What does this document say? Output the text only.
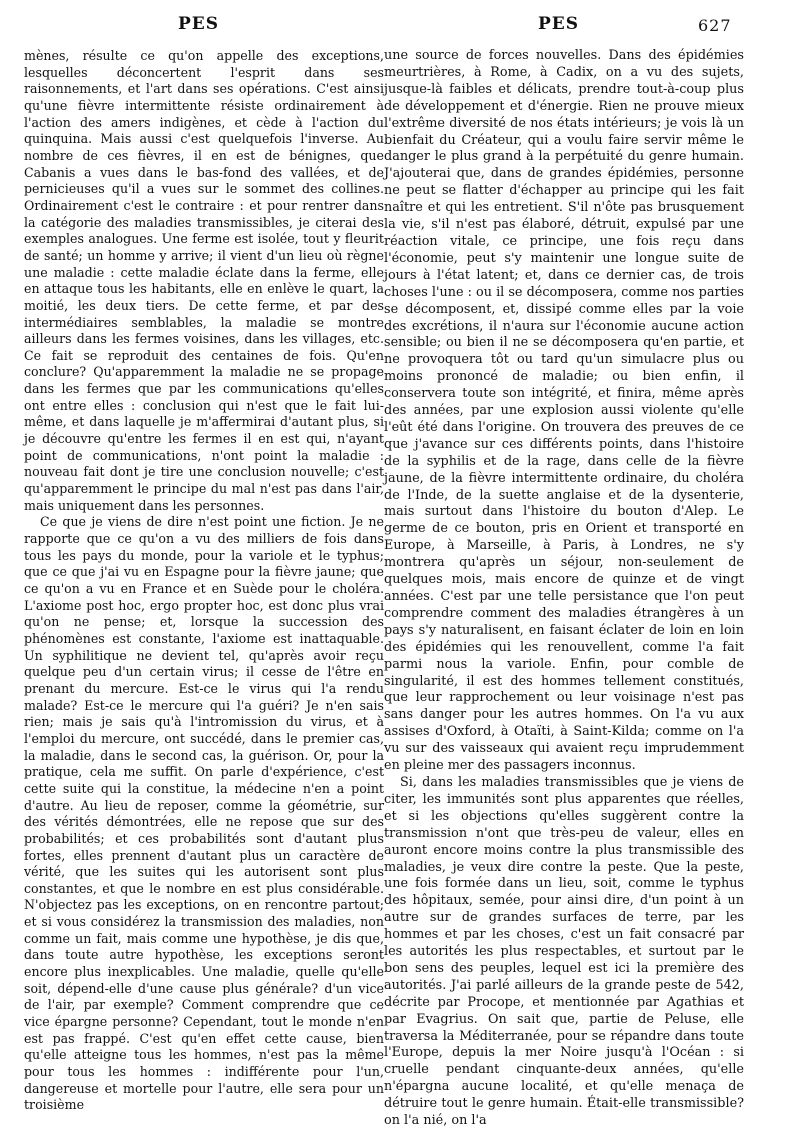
PES	PES	627

mènes, résulte ce qu'on appelle des exceptions, lesquelles déconcertent l'esprit dans ses raisonnements, et l'art dans ses opérations. C'est ainsi qu'une fièvre intermittente résiste ordinairement à l'action des amers indigènes, et cède à l'action du quinquina. Mais aussi c'est quelquefois l'inverse. Au nombre de ces fièvres, il en est de bénignes, que Cabanis a vues dans le bas-fond des vallées, et de pernicieuses qu'il a vues sur le sommet des collines. Ordinairement c'est le contraire : et pour rentrer dans la catégorie des maladies transmissibles, je citerai des exemples analogues. Une ferme est isolée, tout y fleurit de santé; un homme y arrive; il vient d'un lieu où règne une maladie : cette maladie éclate dans la ferme, elle en attaque tous les habitants, elle en enlève le quart, la moitié, les deux tiers. De cette ferme, et par des intermédiaires semblables, la maladie se montre ailleurs dans les fermes voisines, dans les villages, etc. Ce fait se reproduit des centaines de fois. Qu'en conclure? Qu'apparemment la maladie ne se propage dans les fermes que par les communications qu'elles ont entre elles : conclusion qui n'est que le fait lui-même, et dans laquelle je m'affermirai d'autant plus, si je découvre qu'entre les fermes il en est qui, n'ayant point de communications, n'ont point la maladie : nouveau fait dont je tire une conclusion nouvelle; c'est qu'apparemment le principe du mal n'est pas dans l'air, mais uniquement dans les personnes.

Ce que je viens de dire n'est point une fiction. Je ne rapporte que ce qu'on a vu des milliers de fois dans tous les pays du monde, pour la variole et le typhus; que ce que j'ai vu en Espagne pour la fièvre jaune; que ce qu'on a vu en France et en Suède pour le choléra. L'axiome post hoc, ergo propter hoc, est donc plus vrai qu'on ne pense; et, lorsque la succession des phénomènes est constante, l'axiome est inattaquable. Un syphilitique ne devient tel, qu'après avoir reçu quelque peu d'un certain virus; il cesse de l'être en prenant du mercure. Est-ce le virus qui l'a rendu malade? Est-ce le mercure qui l'a guéri? Je n'en sais rien; mais je sais qu'à l'intromission du virus, et à l'emploi du mercure, ont succédé, dans le premier cas, la maladie, dans le second cas, la guérison. Or, pour la pratique, cela me suffit. On parle d'expérience, c'est cette suite qui la constitue, la médecine n'en a point d'autre. Au lieu de reposer, comme la géométrie, sur des vérités démontrées, elle ne repose que sur des probabilités; et ces probabilités sont d'autant plus fortes, elles prennent d'autant plus un caractère de vérité, que les suites qui les autorisent sont plus constantes, et que le nombre en est plus considérable. N'objectez pas les exceptions, on en rencontre partout; et si vous considérez la transmission des maladies, non comme un fait, mais comme une hypothèse, je dis que, dans toute autre hypothèse, les exceptions seront encore plus inexplicables. Une maladie, quelle qu'elle soit, dépend-elle d'une cause plus générale? d'un vice de l'air, par exemple? Comment comprendre que ce vice épargne personne? Cependant, tout le monde n'en est pas frappé. C'est qu'en effet cette cause, bien qu'elle atteigne tous les hommes, n'est pas la même pour tous les hommes : indifférente pour l'un, dangereuse et mortelle pour l'autre, elle sera pour un troisième

une source de forces nouvelles. Dans des épidémies meurtrières, à Rome, à Cadix, on a vu des sujets, jusque-là faibles et délicats, prendre tout-à-coup plus de développement et d'énergie. Rien ne prouve mieux l'extrême diversité de nos états intérieurs; je vois là un bienfait du Créateur, qui a voulu faire servir même le danger le plus grand à la perpétuité du genre humain. J'ajouterai que, dans de grandes épidémies, personne ne peut se flatter d'échapper au principe qui les fait naître et qui les entretient. S'il n'ôte pas brusquement la vie, s'il n'est pas élaboré, détruit, expulsé par une réaction vitale, ce principe, une fois reçu dans l'économie, peut s'y maintenir une longue suite de jours à l'état latent; et, dans ce dernier cas, de trois choses l'une : ou il se décomposera, comme nos parties se décomposent, et, dissipé comme elles par la voie des excrétions, il n'aura sur l'économie aucune action sensible; ou bien il ne se décomposera qu'en partie, et ne provoquera tôt ou tard qu'un simulacre plus ou moins prononcé de maladie; ou bien enfin, il conservera toute son intégrité, et finira, même après des années, par une explosion aussi violente qu'elle l'eût été dans l'origine. On trouvera des preuves de ce que j'avance sur ces différents points, dans l'histoire de la syphilis et de la rage, dans celle de la fièvre jaune, de la fièvre intermittente ordinaire, du choléra de l'Inde, de la suette anglaise et de la dysenterie, mais surtout dans l'histoire du bouton d'Alep. Le germe de ce bouton, pris en Orient et transporté en Europe, à Marseille, à Paris, à Londres, ne s'y montrera qu'après un séjour, non-seulement de quelques mois, mais encore de quinze et de vingt années. C'est par une telle persistance que l'on peut comprendre comment des maladies étrangères à un pays s'y naturalisent, en faisant éclater de loin en loin des épidémies qui les renouvellent, comme l'a fait parmi nous la variole. Enfin, pour comble de singularité, il est des hommes tellement constitués, que leur rapprochement ou leur voisinage n'est pas sans danger pour les autres hommes. On l'a vu aux assises d'Oxford, à Otaïti, à Saint-Kilda; comme on l'a vu sur des vaisseaux qui avaient reçu imprudemment en pleine mer des passagers inconnus.

Si, dans les maladies transmissibles que je viens de citer, les immunités sont plus apparentes que réelles, et si les objections qu'elles suggèrent contre la transmission n'ont que très-peu de valeur, elles en auront encore moins contre la plus transmissible des maladies, je veux dire contre la peste. Que la peste, une fois formée dans un lieu, soit, comme le typhus des hôpitaux, semée, pour ainsi dire, d'un point à un autre sur de grandes surfaces de terre, par les hommes et par les choses, c'est un fait consacré par les autorités les plus respectables, et surtout par le bon sens des peuples, lequel est ici la première des autorités. J'ai parlé ailleurs de la grande peste de 542, décrite par Procope, et mentionnée par Agathias et par Evagrius. On sait que, partie de Peluse, elle traversa la Méditerranée, pour se répandre dans toute l'Europe, depuis la mer Noire jusqu'à l'Océan : si cruelle pendant cinquante-deux années, qu'elle n'épargna aucune localité, et qu'elle menaça de détruire tout le genre humain. Était-elle transmissible? on l'a nié, on l'a
